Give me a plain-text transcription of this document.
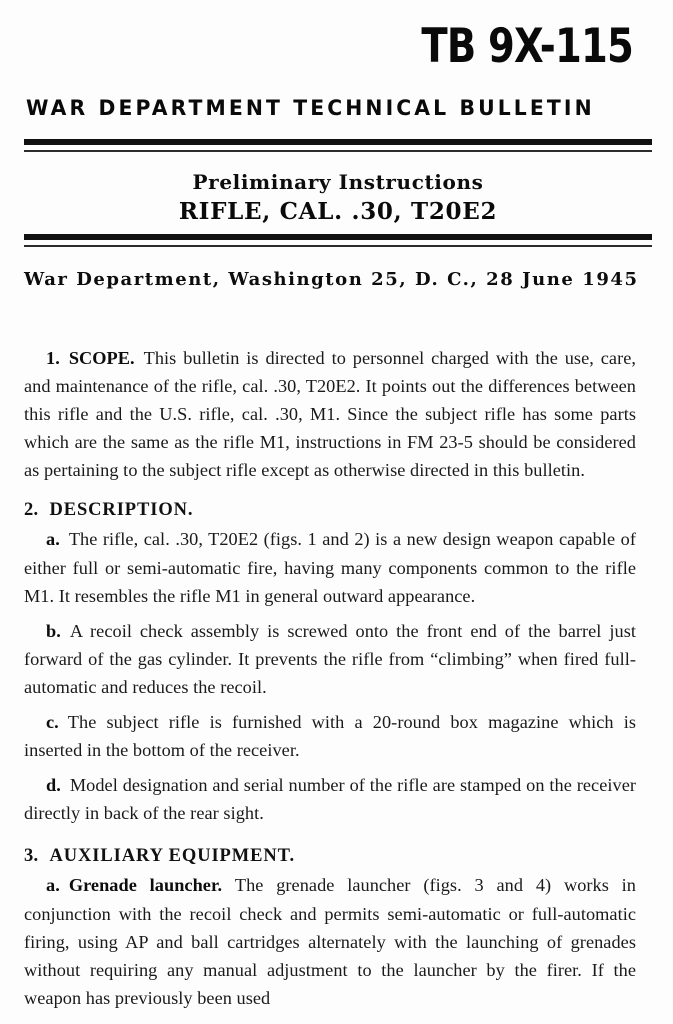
TB 9X-115
WAR DEPARTMENT TECHNICAL BULLETIN
Preliminary Instructions
RIFLE, CAL. .30, T20E2
War Department, Washington 25, D. C., 28 June 1945

1. SCOPE. This bulletin is directed to personnel charged with the use, care, and maintenance of the rifle, cal. .30, T20E2. It points out the differences between this rifle and the U.S. rifle, cal. .30, M1. Since the subject rifle has some parts which are the same as the rifle M1, instructions in FM 23-5 should be considered as pertaining to the subject rifle except as otherwise directed in this bulletin.

2. DESCRIPTION.

a. The rifle, cal. .30, T20E2 (figs. 1 and 2) is a new design weapon capable of either full or semi-automatic fire, having many components common to the rifle M1. It resembles the rifle M1 in general outward appearance.

b. A recoil check assembly is screwed onto the front end of the barrel just forward of the gas cylinder. It prevents the rifle from “climbing” when fired full-automatic and reduces the recoil.

c. The subject rifle is furnished with a 20-round box magazine which is inserted in the bottom of the receiver.

d. Model designation and serial number of the rifle are stamped on the receiver directly in back of the rear sight.

3. AUXILIARY EQUIPMENT.

a. Grenade launcher. The grenade launcher (figs. 3 and 4) works in conjunction with the recoil check and permits semi-automatic or full-automatic firing, using AP and ball cartridges alternately with the launching of grenades without requiring any manual adjustment to the launcher by the firer. If the weapon has previously been used
